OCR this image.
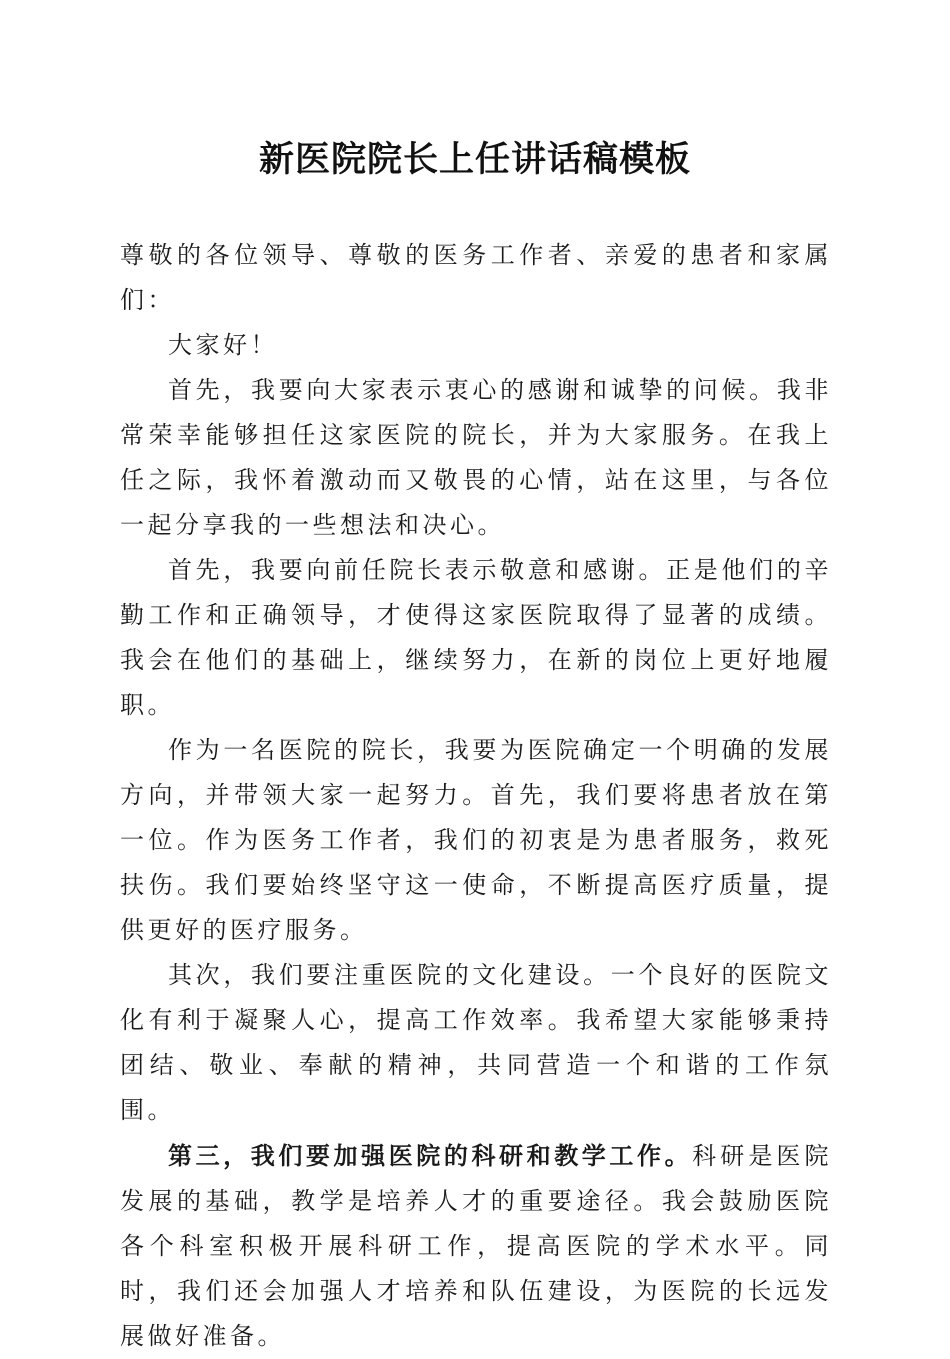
新医院院长上任讲话稿模板

尊敬的各位领导、尊敬的医务工作者、亲爱的患者和家属们：

大家好！

首先，我要向大家表示衷心的感谢和诚挚的问候。我非常荣幸能够担任这家医院的院长，并为大家服务。在我上任之际，我怀着激动而又敬畏的心情，站在这里，与各位一起分享我的一些想法和决心。

首先，我要向前任院长表示敬意和感谢。正是他们的辛勤工作和正确领导，才使得这家医院取得了显著的成绩。我会在他们的基础上，继续努力，在新的岗位上更好地履职。

作为一名医院的院长，我要为医院确定一个明确的发展方向，并带领大家一起努力。首先，我们要将患者放在第一位。作为医务工作者，我们的初衷是为患者服务，救死扶伤。我们要始终坚守这一使命，不断提高医疗质量，提供更好的医疗服务。

其次，我们要注重医院的文化建设。一个良好的医院文化有利于凝聚人心，提高工作效率。我希望大家能够秉持团结、敬业、奉献的精神，共同营造一个和谐的工作氛围。

第三，我们要加强医院的科研和教学工作。科研是医院发展的基础，教学是培养人才的重要途径。我会鼓励医院各个科室积极开展科研工作，提高医院的学术水平。同时，我们还会加强人才培养和队伍建设，为医院的长远发展做好准备。
